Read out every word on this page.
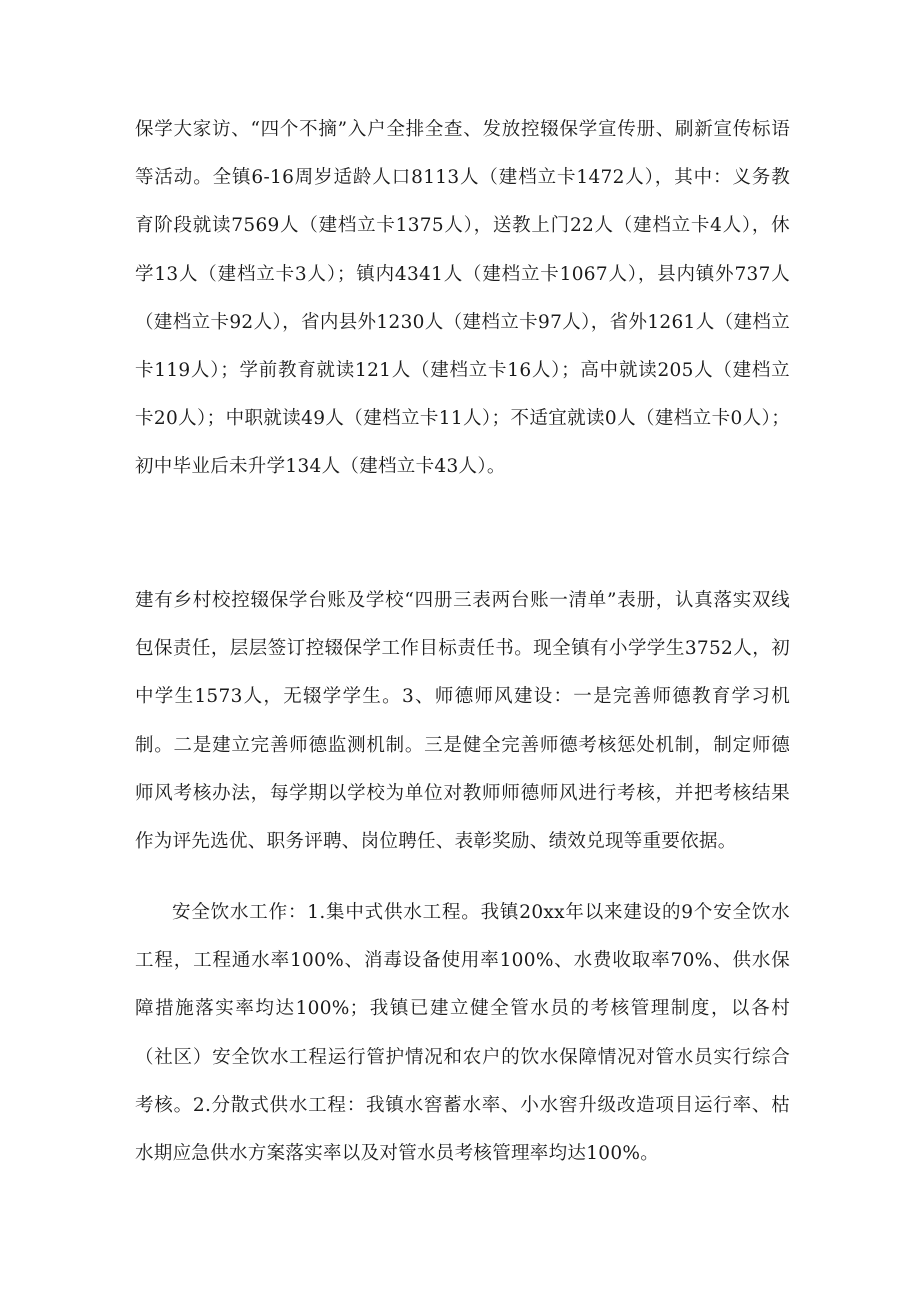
保学大家访、“四个不摘”入户全排全查、发放控辍保学宣传册、刷新宣传标语等活动。全镇6-16周岁适龄人口8113人（建档立卡1472人），其中：义务教育阶段就读7569人（建档立卡1375人），送教上门22人（建档立卡4人），休学13人（建档立卡3人）；镇内4341人（建档立卡1067人），县内镇外737人（建档立卡92人），省内县外1230人（建档立卡97人），省外1261人（建档立卡119人）；学前教育就读121人（建档立卡16人）；高中就读205人（建档立卡20人）；中职就读49人（建档立卡11人）；不适宜就读0人（建档立卡0人）；初中毕业后未升学134人（建档立卡43人）。

建有乡村校控辍保学台账及学校“四册三表两台账一清单”表册，认真落实双线包保责任，层层签订控辍保学工作目标责任书。现全镇有小学学生3752人，初中学生1573人，无辍学学生。3、师德师风建设：一是完善师德教育学习机制。二是建立完善师德监测机制。三是健全完善师德考核惩处机制，制定师德师风考核办法，每学期以学校为单位对教师师德师风进行考核，并把考核结果作为评先选优、职务评聘、岗位聘任、表彰奖励、绩效兑现等重要依据。

安全饮水工作：1.集中式供水工程。我镇20xx年以来建设的9个安全饮水工程，工程通水率100%、消毒设备使用率100%、水费收取率70%、供水保障措施落实率均达100%；我镇已建立健全管水员的考核管理制度，以各村（社区）安全饮水工程运行管护情况和农户的饮水保障情况对管水员实行综合考核。2.分散式供水工程：我镇水窖蓄水率、小水窖升级改造项目运行率、枯水期应急供水方案落实率以及对管水员考核管理率均达100%。
